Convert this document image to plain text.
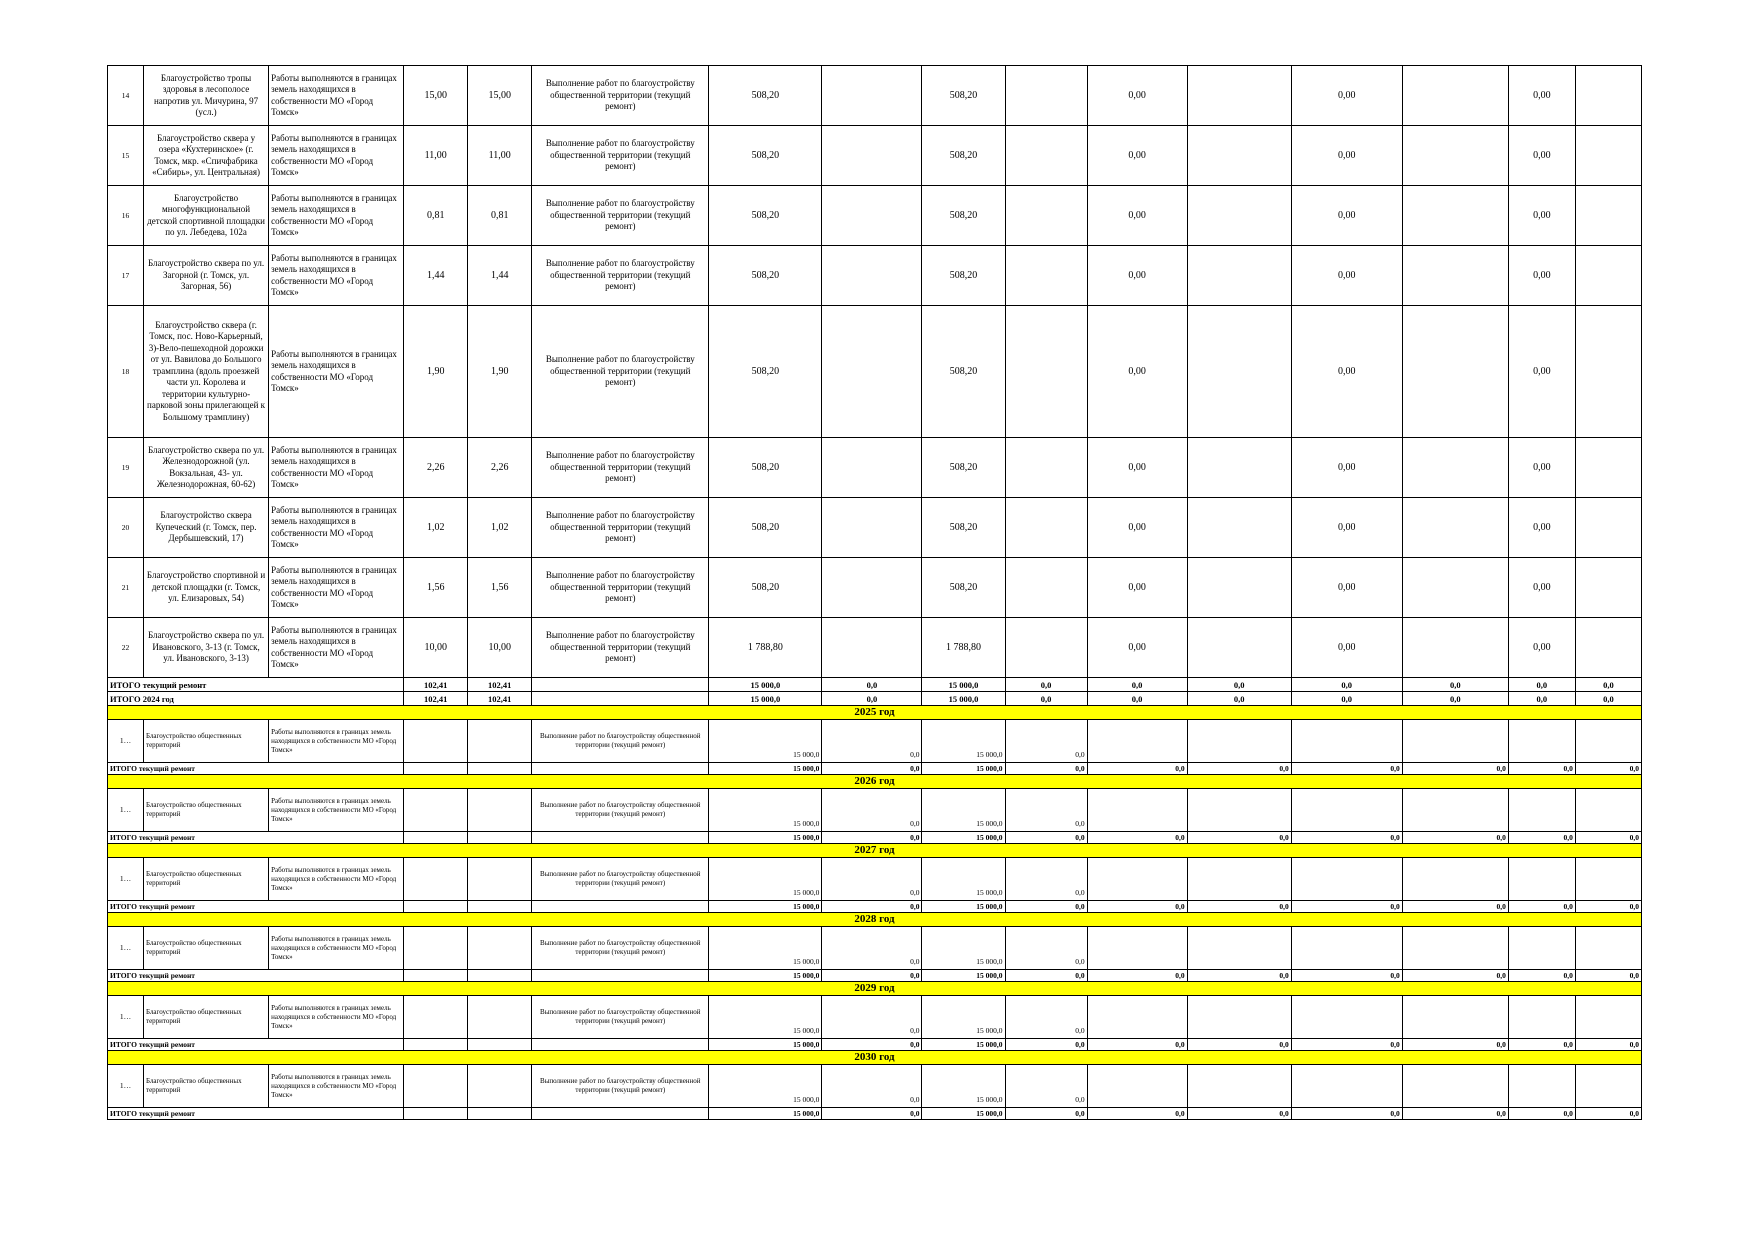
14	Благоустройство тропы здоровья в лесополосе напротив ул. Мичурина, 97 (усл.)	Работы выполняются в границах земель находящихся в собственности МО «Город Томск»	15,00	15,00	Выполнение работ по благоустройству общественной территории (текущий ремонт)	508,20		508,20		0,00		0,00		0,00	
15	Благоустройство сквера у озера «Кухтеринское» (г. Томск, мкр. «Спичфабрика «Сибирь», ул. Центральная)	Работы выполняются в границах земель находящихся в собственности МО «Город Томск»	11,00	11,00	Выполнение работ по благоустройству общественной территории (текущий ремонт)	508,20		508,20		0,00		0,00		0,00	
16	Благоустройство многофункциональной детской спортивной площадки по ул. Лебедева, 102а	Работы выполняются в границах земель находящихся в собственности МО «Город Томск»	0,81	0,81	Выполнение работ по благоустройству общественной территории (текущий ремонт)	508,20		508,20		0,00		0,00		0,00	
17	Благоустройство сквера по ул. Загорной (г. Томск, ул. Загорная, 56)	Работы выполняются в границах земель находящихся в собственности МО «Город Томск»	1,44	1,44	Выполнение работ по благоустройству общественной территории (текущий ремонт)	508,20		508,20		0,00		0,00		0,00	
18	Благоустройство сквера (г. Томск, пос. Ново-Карьерный, 3)-Вело-пешеходной дорожки от ул. Вавилова до Большого трамплина (вдоль проезжей части ул. Королева и территории культурно-парковой зоны прилегающей к Большому трамплину)	Работы выполняются в границах земель находящихся в собственности МО «Город Томск»	1,90	1,90	Выполнение работ по благоустройству общественной территории (текущий ремонт)	508,20		508,20		0,00		0,00		0,00	
19	Благоустройство сквера по ул. Железнодорожной (ул. Вокзальная, 43- ул. Железнодорожная, 60-62)	Работы выполняются в границах земель находящихся в собственности МО «Город Томск»	2,26	2,26	Выполнение работ по благоустройству общественной территории (текущий ремонт)	508,20		508,20		0,00		0,00		0,00	
20	Благоустройство сквера Купеческий (г. Томск, пер. Дербышевский, 17)	Работы выполняются в границах земель находящихся в собственности МО «Город Томск»	1,02	1,02	Выполнение работ по благоустройству общественной территории (текущий ремонт)	508,20		508,20		0,00		0,00		0,00	
21	Благоустройство спортивной и детской площадки (г. Томск, ул. Елизаровых, 54)	Работы выполняются в границах земель находящихся в собственности МО «Город Томск»	1,56	1,56	Выполнение работ по благоустройству общественной территории (текущий ремонт)	508,20		508,20		0,00		0,00		0,00	
22	Благоустройство сквера по ул. Ивановского, 3-13 (г. Томск, ул. Ивановского, 3-13)	Работы выполняются в границах земель находящихся в собственности МО «Город Томск»	10,00	10,00	Выполнение работ по благоустройству общественной территории (текущий ремонт)	1 788,80		1 788,80		0,00		0,00		0,00	
ИТОГО текущий ремонт			102,41	102,41		15 000,0	0,0	15 000,0	0,0	0,0	0,0	0,0	0,0	0,0	0,0
ИТОГО 2024 год			102,41	102,41		15 000,0	0,0	15 000,0	0,0	0,0	0,0	0,0	0,0	0,0	0,0
2025 год															
1…	Благоустройство общественных территорий	Работы выполняются в границах земель находящихся в собственности МО «Город Томск»			Выполнение работ по благоустройству общественной территории (текущий ремонт)	15 000,0	0,0	15 000,0	0,0						
ИТОГО текущий ремонт						15 000,0	0,0	15 000,0	0,0	0,0	0,0	0,0	0,0	0,0	0,0
2026 год															
1…	Благоустройство общественных территорий	Работы выполняются в границах земель находящихся в собственности МО «Город Томск»			Выполнение работ по благоустройству общественной территории (текущий ремонт)	15 000,0	0,0	15 000,0	0,0						
ИТОГО текущий ремонт						15 000,0	0,0	15 000,0	0,0	0,0	0,0	0,0	0,0	0,0	0,0
2027 год															
1…	Благоустройство общественных территорий	Работы выполняются в границах земель находящихся в собственности МО «Город Томск»			Выполнение работ по благоустройству общественной территории (текущий ремонт)	15 000,0	0,0	15 000,0	0,0						
ИТОГО текущий ремонт						15 000,0	0,0	15 000,0	0,0	0,0	0,0	0,0	0,0	0,0	0,0
2028 год															
1…	Благоустройство общественных территорий	Работы выполняются в границах земель находящихся в собственности МО «Город Томск»			Выполнение работ по благоустройству общественной территории (текущий ремонт)	15 000,0	0,0	15 000,0	0,0						
ИТОГО текущий ремонт						15 000,0	0,0	15 000,0	0,0	0,0	0,0	0,0	0,0	0,0	0,0
2029 год															
1…	Благоустройство общественных территорий	Работы выполняются в границах земель находящихся в собственности МО «Город Томск»			Выполнение работ по благоустройству общественной территории (текущий ремонт)	15 000,0	0,0	15 000,0	0,0						
ИТОГО текущий ремонт						15 000,0	0,0	15 000,0	0,0	0,0	0,0	0,0	0,0	0,0	0,0
2030 год															
1…	Благоустройство общественных территорий	Работы выполняются в границах земель находящихся в собственности МО «Город Томск»			Выполнение работ по благоустройству общественной территории (текущий ремонт)	15 000,0	0,0	15 000,0	0,0						
ИТОГО текущий ремонт						15 000,0	0,0	15 000,0	0,0	0,0	0,0	0,0	0,0	0,0	0,0
